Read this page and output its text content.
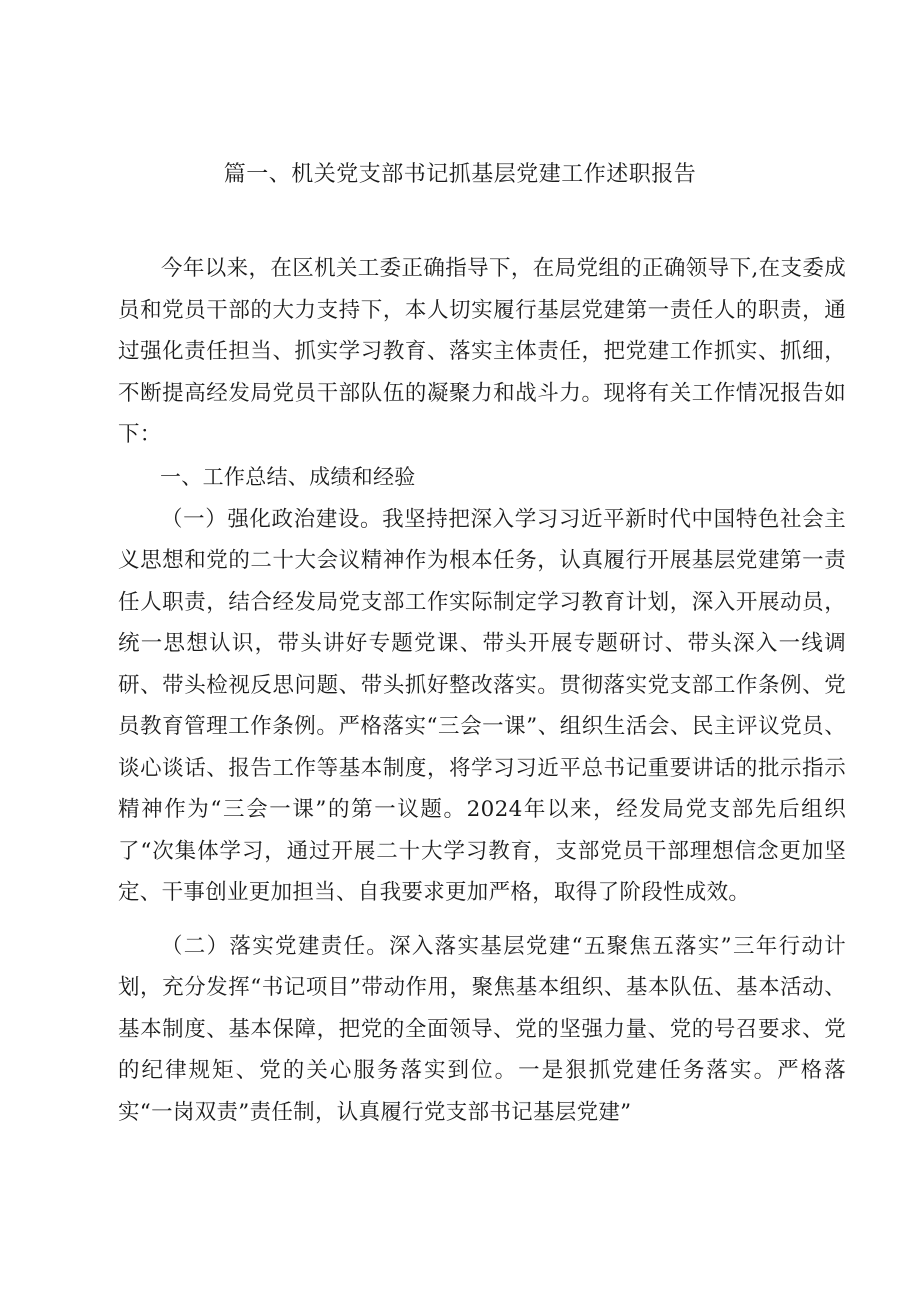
篇一、机关党支部书记抓基层党建工作述职报告

今年以来，在区机关工委正确指导下，在局党组的正确领导下,在支委成员和党员干部的大力支持下，本人切实履行基层党建第一责任人的职责，通过强化责任担当、抓实学习教育、落实主体责任，把党建工作抓实、抓细，不断提高经发局党员干部队伍的凝聚力和战斗力。现将有关工作情况报告如下：

一、工作总结、成绩和经验

（一）强化政治建设。我坚持把深入学习习近平新时代中国特色社会主义思想和党的二十大会议精神作为根本任务，认真履行开展基层党建第一责任人职责，结合经发局党支部工作实际制定学习教育计划，深入开展动员，统一思想认识，带头讲好专题党课、带头开展专题研讨、带头深入一线调研、带头检视反思问题、带头抓好整改落实。贯彻落实党支部工作条例、党员教育管理工作条例。严格落实“三会一课”、组织生活会、民主评议党员、谈心谈话、报告工作等基本制度，将学习习近平总书记重要讲话的批示指示精神作为“三会一课”的第一议题。2024年以来，经发局党支部先后组织了“次集体学习，通过开展二十大学习教育，支部党员干部理想信念更加坚定、干事创业更加担当、自我要求更加严格，取得了阶段性成效。

（二）落实党建责任。深入落实基层党建“五聚焦五落实”三年行动计划，充分发挥“书记项目”带动作用，聚焦基本组织、基本队伍、基本活动、基本制度、基本保障，把党的全面领导、党的坚强力量、党的号召要求、党的纪律规矩、党的关心服务落实到位。一是狠抓党建任务落实。严格落实“一岗双责”责任制，认真履行党支部书记基层党建”
